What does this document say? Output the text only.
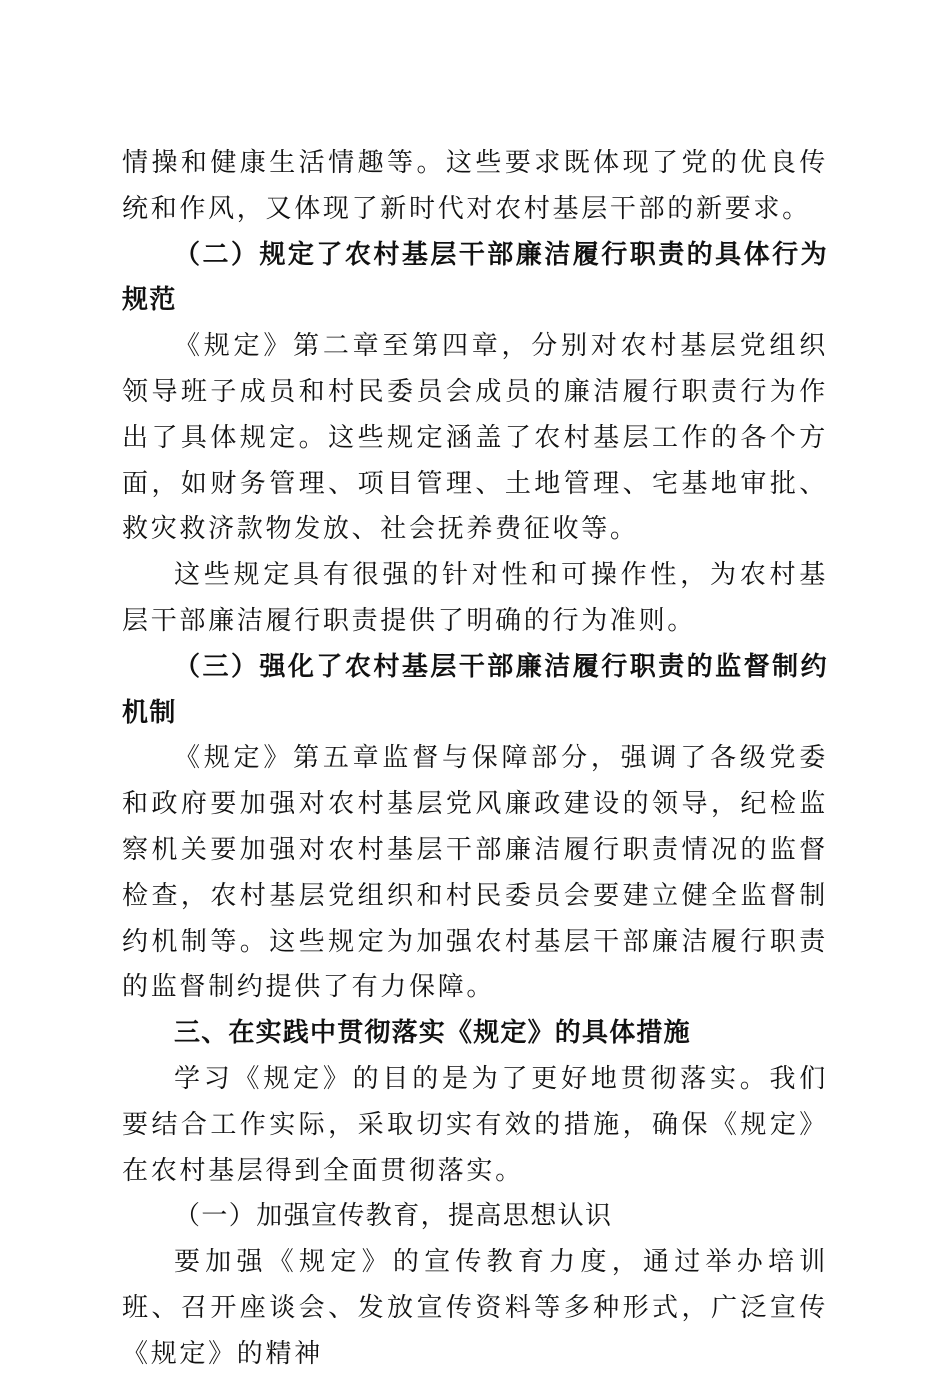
情操和健康生活情趣等。这些要求既体现了党的优良传统和作风，又体现了新时代对农村基层干部的新要求。

（二）规定了农村基层干部廉洁履行职责的具体行为规范

《规定》第二章至第四章，分别对农村基层党组织领导班子成员和村民委员会成员的廉洁履行职责行为作出了具体规定。这些规定涵盖了农村基层工作的各个方面，如财务管理、项目管理、土地管理、宅基地审批、救灾救济款物发放、社会抚养费征收等。

这些规定具有很强的针对性和可操作性，为农村基层干部廉洁履行职责提供了明确的行为准则。

（三）强化了农村基层干部廉洁履行职责的监督制约机制

《规定》第五章监督与保障部分，强调了各级党委和政府要加强对农村基层党风廉政建设的领导，纪检监察机关要加强对农村基层干部廉洁履行职责情况的监督检查，农村基层党组织和村民委员会要建立健全监督制约机制等。这些规定为加强农村基层干部廉洁履行职责的监督制约提供了有力保障。

三、在实践中贯彻落实《规定》的具体措施

学习《规定》的目的是为了更好地贯彻落实。我们要结合工作实际，采取切实有效的措施，确保《规定》在农村基层得到全面贯彻落实。

（一）加强宣传教育，提高思想认识

要加强《规定》的宣传教育力度，通过举办培训班、召开座谈会、发放宣传资料等多种形式，广泛宣传《规定》的精神
